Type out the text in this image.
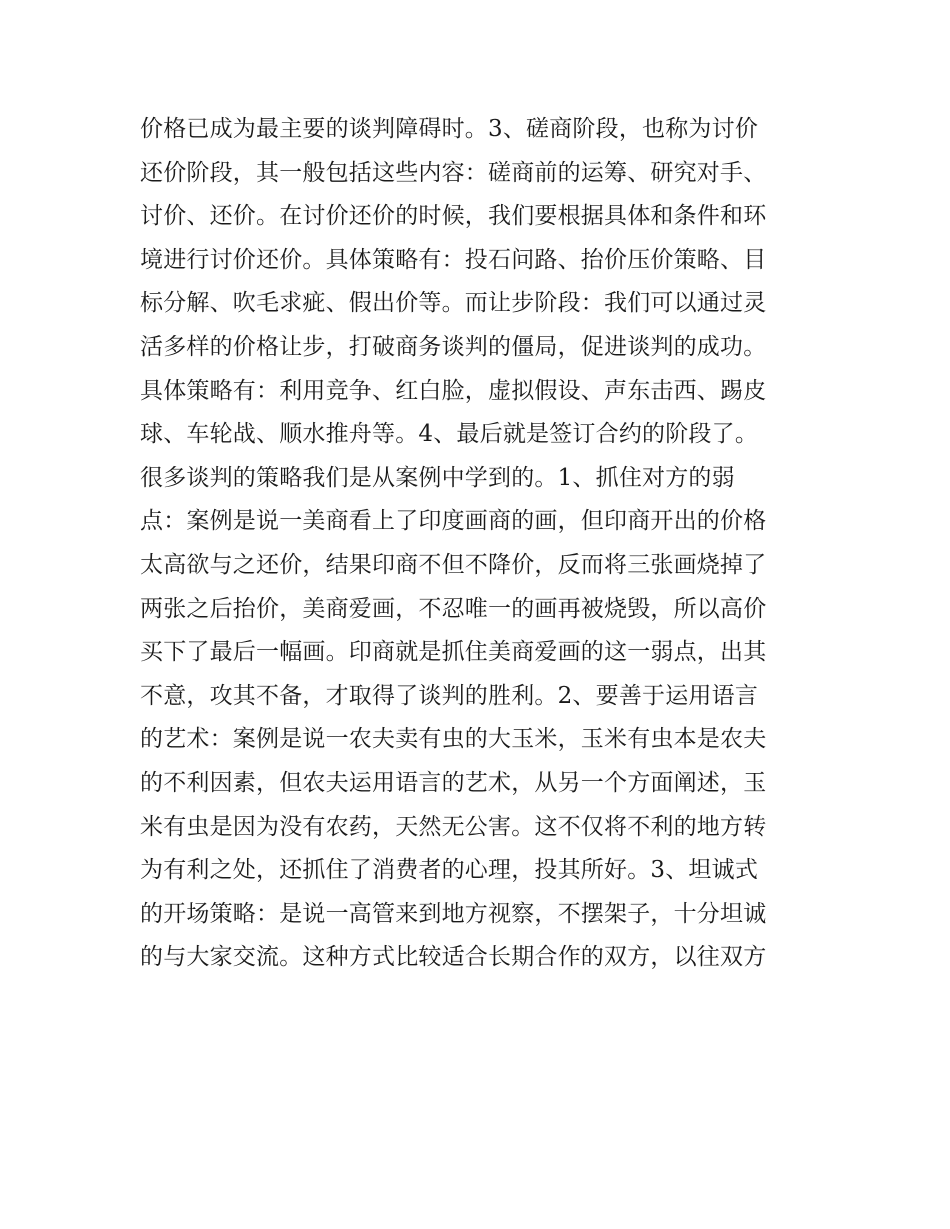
价格已成为最主要的谈判障碍时。3、磋商阶段，也称为讨价
还价阶段，其一般包括这些内容：磋商前的运筹、研究对手、
讨价、还价。在讨价还价的时候，我们要根据具体和条件和环
境进行讨价还价。具体策略有：投石问路、抬价压价策略、目
标分解、吹毛求疵、假出价等。而让步阶段：我们可以通过灵
活多样的价格让步，打破商务谈判的僵局，促进谈判的成功。
具体策略有：利用竞争、红白脸，虚拟假设、声东击西、踢皮
球、车轮战、顺水推舟等。4、最后就是签订合约的阶段了。
很多谈判的策略我们是从案例中学到的。1、抓住对方的弱
点：案例是说一美商看上了印度画商的画，但印商开出的价格
太高欲与之还价，结果印商不但不降价，反而将三张画烧掉了
两张之后抬价，美商爱画，不忍唯一的画再被烧毁，所以高价
买下了最后一幅画。印商就是抓住美商爱画的这一弱点，出其
不意，攻其不备，才取得了谈判的胜利。2、要善于运用语言
的艺术：案例是说一农夫卖有虫的大玉米，玉米有虫本是农夫
的不利因素，但农夫运用语言的艺术，从另一个方面阐述，玉
米有虫是因为没有农药，天然无公害。这不仅将不利的地方转
为有利之处，还抓住了消费者的心理，投其所好。3、坦诚式
的开场策略：是说一高管来到地方视察，不摆架子，十分坦诚
的与大家交流。这种方式比较适合长期合作的双方，以往双方
